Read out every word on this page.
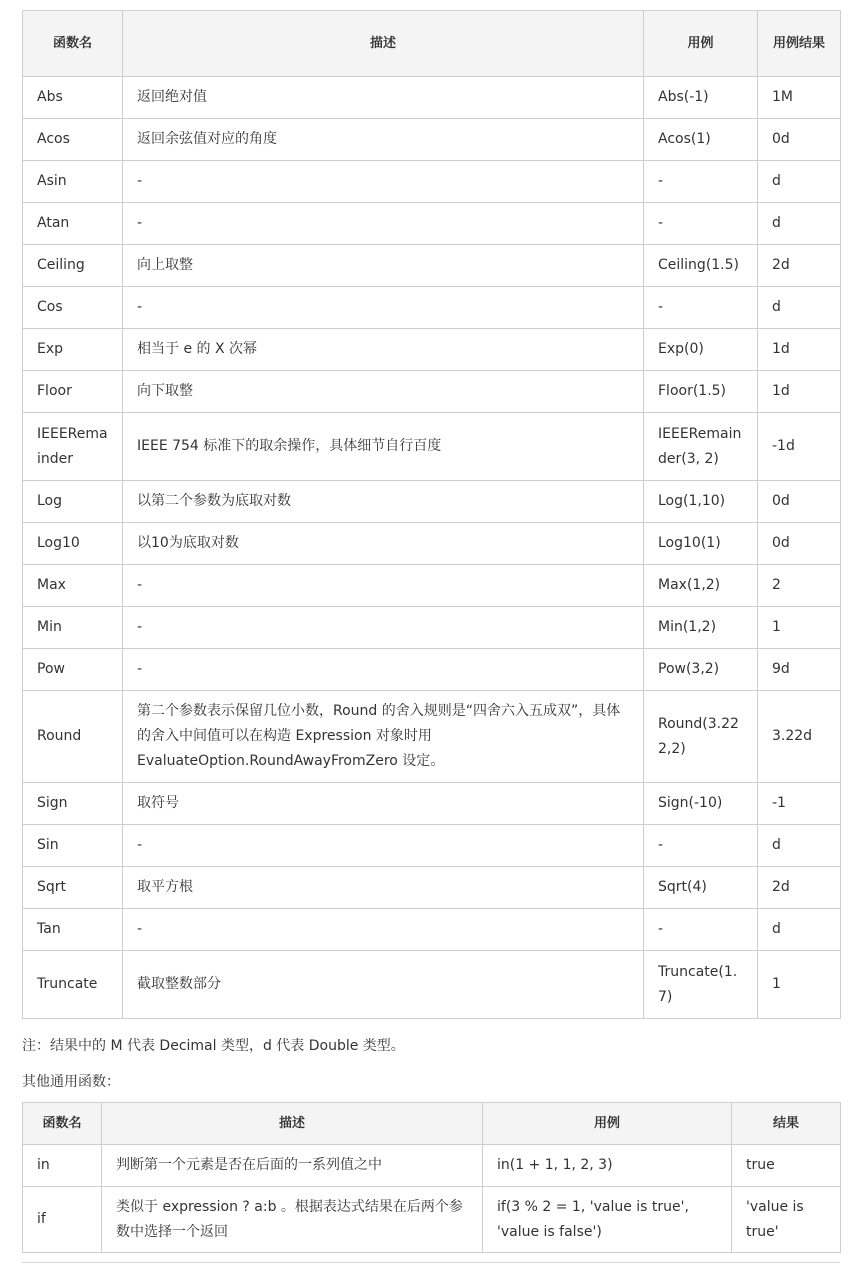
函数名	描述	用例	用例结果
Abs	返回绝对值	Abs(-1)	1M
Acos	返回余弦值对应的角度	Acos(1)	0d
Asin	-	-	d
Atan	-	-	d
Ceiling	向上取整	Ceiling(1.5)	2d
Cos	-	-	d
Exp	相当于 e 的 X 次幂	Exp(0)	1d
Floor	向下取整	Floor(1.5)	1d
IEEERemainder	IEEE 754 标准下的取余操作，具体细节自行百度	IEEERemainder(3, 2)	-1d
Log	以第二个参数为底取对数	Log(1,10)	0d
Log10	以10为底取对数	Log10(1)	0d
Max	-	Max(1,2)	2
Min	-	Min(1,2)	1
Pow	-	Pow(3,2)	9d
Round	第二个参数表示保留几位小数，Round 的舍入规则是“四舍六入五成双”，具体的舍入中间值可以在构造 Expression 对象时用 EvaluateOption.RoundAwayFromZero 设定。	Round(3.222,2)	3.22d
Sign	取符号	Sign(-10)	-1
Sin	-	-	d
Sqrt	取平方根	Sqrt(4)	2d
Tan	-	-	d
Truncate	截取整数部分	Truncate(1.7)	1
注：结果中的 M 代表 Decimal 类型，d 代表 Double 类型。
其他通用函数：
函数名	描述	用例	结果
in	判断第一个元素是否在后面的一系列值之中	in(1 + 1, 1, 2, 3)	true
if	类似于 expression ? a:b 。根据表达式结果在后两个参数中选择一个返回	if(3 % 2 = 1, 'value is true', 'value is false')	'value is true'
